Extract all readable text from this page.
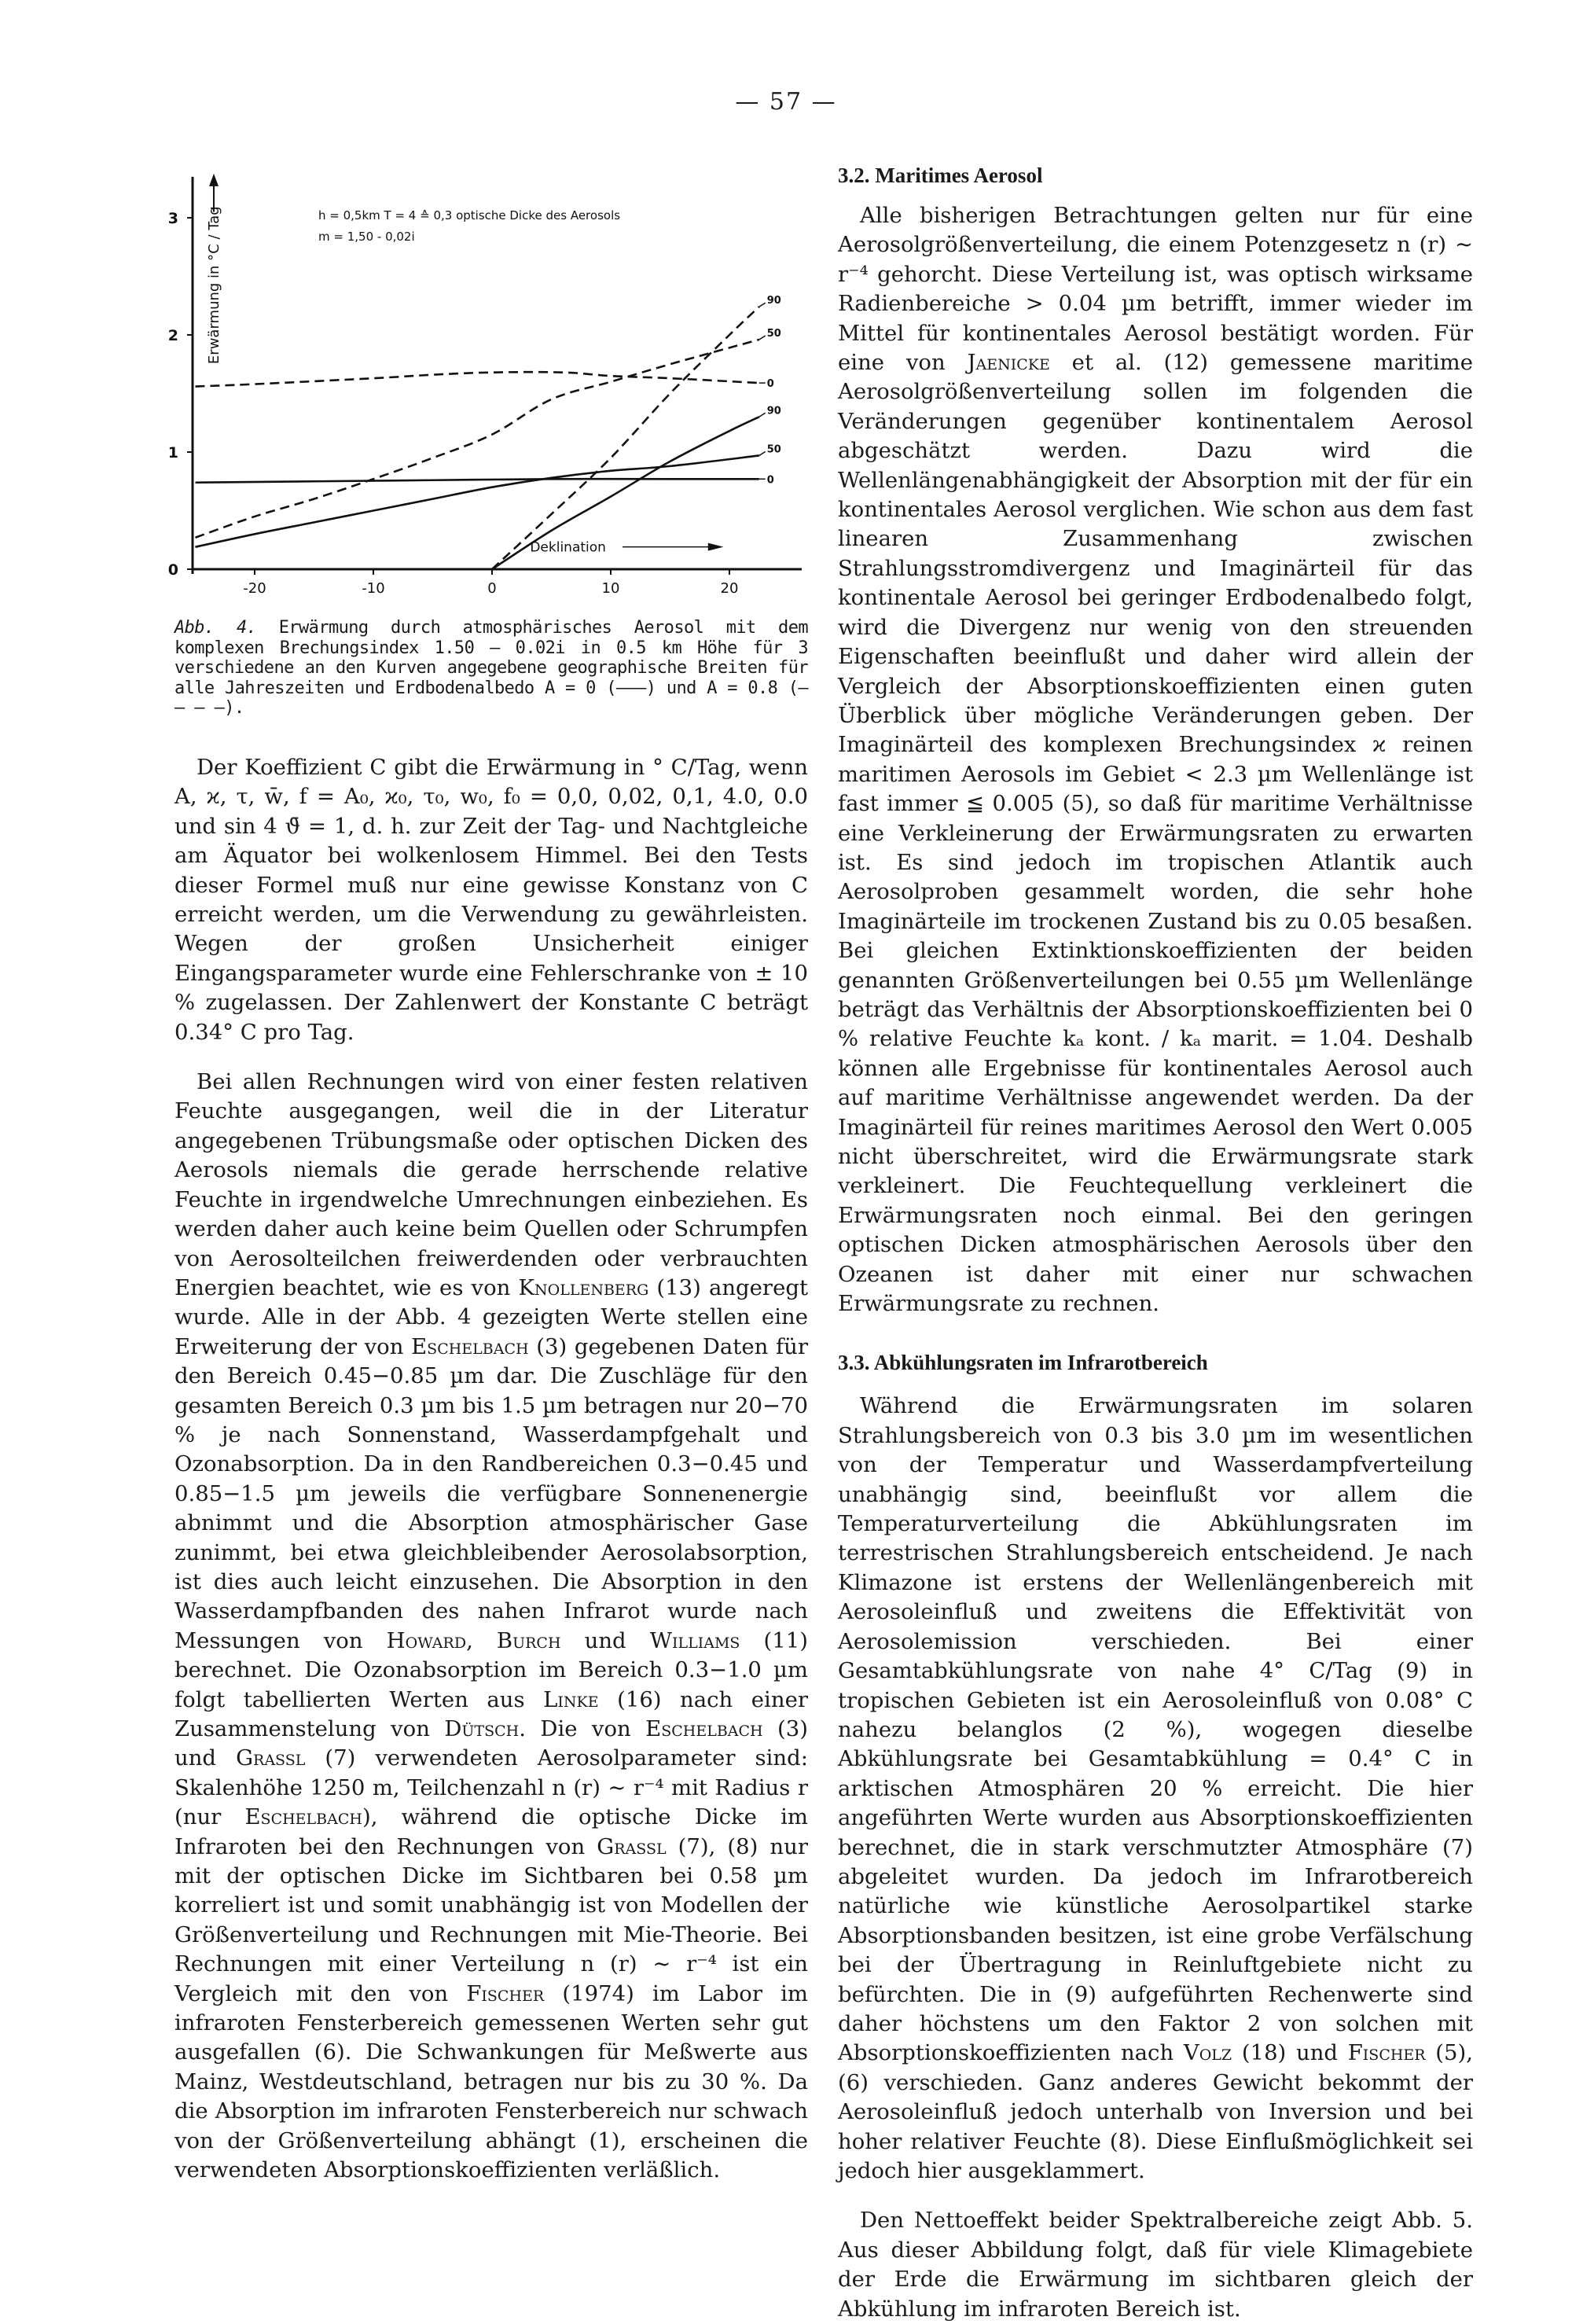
— 57 —
0
1
2
3
-20	-10	0	10	20
Erwärmung in °C / Tag	h = 0,5km T = 4 ≙ 0,3 optische Dicke des Aerosols
m = 1,50 - 0,02i
Deklination
0
50
90
0
50
90
Abb. 4. Erwärmung durch atmosphärisches Aerosol mit dem komplexen Brechungsindex 1.50 — 0.02i in 0.5 km Höhe für 3 verschiedene an den Kurven angegebene geographische Breiten für alle Jahreszeiten und Erdbodenalbedo A = 0 (———) und A = 0.8 (— — — —).

Der Koeffizient C gibt die Erwärmung in ° C/Tag, wenn A, ϰ, τ, w̄, f = A₀, ϰ₀, τ₀, w₀, f₀ = 0,0, 0,02, 0,1, 4.0, 0.0 und sin 4 ϑ̄ = 1, d. h. zur Zeit der Tag- und Nachtgleiche am Äquator bei wolkenlosem Himmel. Bei den Tests dieser Formel muß nur eine gewisse Konstanz von C erreicht werden, um die Verwendung zu gewährleisten. Wegen der großen Unsicherheit einiger Eingangsparameter wurde eine Fehlerschranke von ± 10 % zugelassen. Der Zahlenwert der Konstante C beträgt 0.34° C pro Tag.

Bei allen Rechnungen wird von einer festen relativen Feuchte ausgegangen, weil die in der Literatur angegebenen Trübungsmaße oder optischen Dicken des Aerosols niemals die gerade herrschende relative Feuchte in irgendwelche Umrechnungen einbeziehen. Es werden daher auch keine beim Quellen oder Schrumpfen von Aerosolteilchen freiwerdenden oder verbrauchten Energien beachtet, wie es von Knollenberg (13) angeregt wurde. Alle in der Abb. 4 gezeigten Werte stellen eine Erweiterung der von Eschelbach (3) gegebenen Daten für den Bereich 0.45−0.85 µm dar. Die Zuschläge für den gesamten Bereich 0.3 µm bis 1.5 µm betragen nur 20−70 % je nach Sonnenstand, Wasserdampfgehalt und Ozonabsorption. Da in den Randbereichen 0.3−0.45 und 0.85−1.5 µm jeweils die verfügbare Sonnenenergie abnimmt und die Absorption atmosphärischer Gase zunimmt, bei etwa gleichbleibender Aerosolabsorption, ist dies auch leicht einzusehen. Die Absorption in den Wasserdampfbanden des nahen Infrarot wurde nach Messungen von Howard, Burch und Williams (11) berechnet. Die Ozonabsorption im Bereich 0.3−1.0 µm folgt tabellierten Werten aus Linke (16) nach einer Zusammenstelung von Dütsch. Die von Eschelbach (3) und Grassl (7) verwendeten Aerosolparameter sind: Skalenhöhe 1250 m, Teilchenzahl n (r) ∼ r⁻⁴ mit Radius r (nur Eschelbach), während die optische Dicke im Infraroten bei den Rechnungen von Grassl (7), (8) nur mit der optischen Dicke im Sichtbaren bei 0.58 µm korreliert ist und somit unabhängig ist von Modellen der Größenverteilung und Rechnungen mit Mie-Theorie. Bei Rechnungen mit einer Verteilung n (r) ∼ r⁻⁴ ist ein Vergleich mit den von Fischer (1974) im Labor im infraroten Fensterbereich gemessenen Werten sehr gut ausgefallen (6). Die Schwankungen für Meßwerte aus Mainz, Westdeutschland, betragen nur bis zu 30 %. Da die Absorption im infraroten Fensterbereich nur schwach von der Größenverteilung abhängt (1), erscheinen die verwendeten Absorptionskoeffizienten verläßlich.

3.2. Maritimes Aerosol

Alle bisherigen Betrachtungen gelten nur für eine Aerosolgrößenverteilung, die einem Potenzgesetz n (r) ∼ r⁻⁴ gehorcht. Diese Verteilung ist, was optisch wirksame Radienbereiche > 0.04 µm betrifft, immer wieder im Mittel für kontinentales Aerosol bestätigt worden. Für eine von Jaenicke et al. (12) gemessene maritime Aerosolgrößenverteilung sollen im folgenden die Veränderungen gegenüber kontinentalem Aerosol abgeschätzt werden. Dazu wird die Wellenlängenabhängigkeit der Absorption mit der für ein kontinentales Aerosol verglichen. Wie schon aus dem fast linearen Zusammenhang zwischen Strahlungsstromdivergenz und Imaginärteil für das kontinentale Aerosol bei geringer Erdbodenalbedo folgt, wird die Divergenz nur wenig von den streuenden Eigenschaften beeinflußt und daher wird allein der Vergleich der Absorptionskoeffizienten einen guten Überblick über mögliche Veränderungen geben. Der Imaginärteil des komplexen Brechungsindex ϰ reinen maritimen Aerosols im Gebiet < 2.3 µm Wellenlänge ist fast immer ≦ 0.005 (5), so daß für maritime Verhältnisse eine Verkleinerung der Erwärmungsraten zu erwarten ist. Es sind jedoch im tropischen Atlantik auch Aerosolproben gesammelt worden, die sehr hohe Imaginärteile im trockenen Zustand bis zu 0.05 besaßen. Bei gleichen Extinktionskoeffizienten der beiden genannten Größenverteilungen bei 0.55 µm Wellenlänge beträgt das Verhältnis der Absorptionskoeffizienten bei 0 % relative Feuchte kₐ kont. / kₐ marit. = 1.04. Deshalb können alle Ergebnisse für kontinentales Aerosol auch auf maritime Verhältnisse angewendet werden. Da der Imaginärteil für reines maritimes Aerosol den Wert 0.005 nicht überschreitet, wird die Erwärmungsrate stark verkleinert. Die Feuchtequellung verkleinert die Erwärmungsraten noch einmal. Bei den geringen optischen Dicken atmosphärischen Aerosols über den Ozeanen ist daher mit einer nur schwachen Erwärmungsrate zu rechnen.

3.3. Abkühlungsraten im Infrarotbereich

Während die Erwärmungsraten im solaren Strahlungsbereich von 0.3 bis 3.0 µm im wesentlichen von der Temperatur und Wasserdampfverteilung unabhängig sind, beeinflußt vor allem die Temperaturverteilung die Abkühlungsraten im terrestrischen Strahlungsbereich entscheidend. Je nach Klimazone ist erstens der Wellenlängenbereich mit Aerosoleinfluß und zweitens die Effektivität von Aerosolemission verschieden. Bei einer Gesamtabkühlungsrate von nahe 4° C/Tag (9) in tropischen Gebieten ist ein Aerosoleinfluß von 0.08° C nahezu belanglos (2 %), wogegen dieselbe Abkühlungsrate bei Gesamtabkühlung = 0.4° C in arktischen Atmosphären 20 % erreicht. Die hier angeführten Werte wurden aus Absorptionskoeffizienten berechnet, die in stark verschmutzter Atmosphäre (7) abgeleitet wurden. Da jedoch im Infrarotbereich natürliche wie künstliche Aerosolpartikel starke Absorptionsbanden besitzen, ist eine grobe Verfälschung bei der Übertragung in Reinluftgebiete nicht zu befürchten. Die in (9) aufgeführten Rechenwerte sind daher höchstens um den Faktor 2 von solchen mit Absorptionskoeffizienten nach Volz (18) und Fischer (5), (6) verschieden. Ganz anderes Gewicht bekommt der Aerosoleinfluß jedoch unterhalb von Inversion und bei hoher relativer Feuchte (8). Diese Einflußmöglichkeit sei jedoch hier ausgeklammert.

Den Nettoeffekt beider Spektralbereiche zeigt Abb. 5. Aus dieser Abbildung folgt, daß für viele Klimagebiete der Erde die Erwärmung im sichtbaren gleich der Abkühlung im infraroten Bereich ist.
